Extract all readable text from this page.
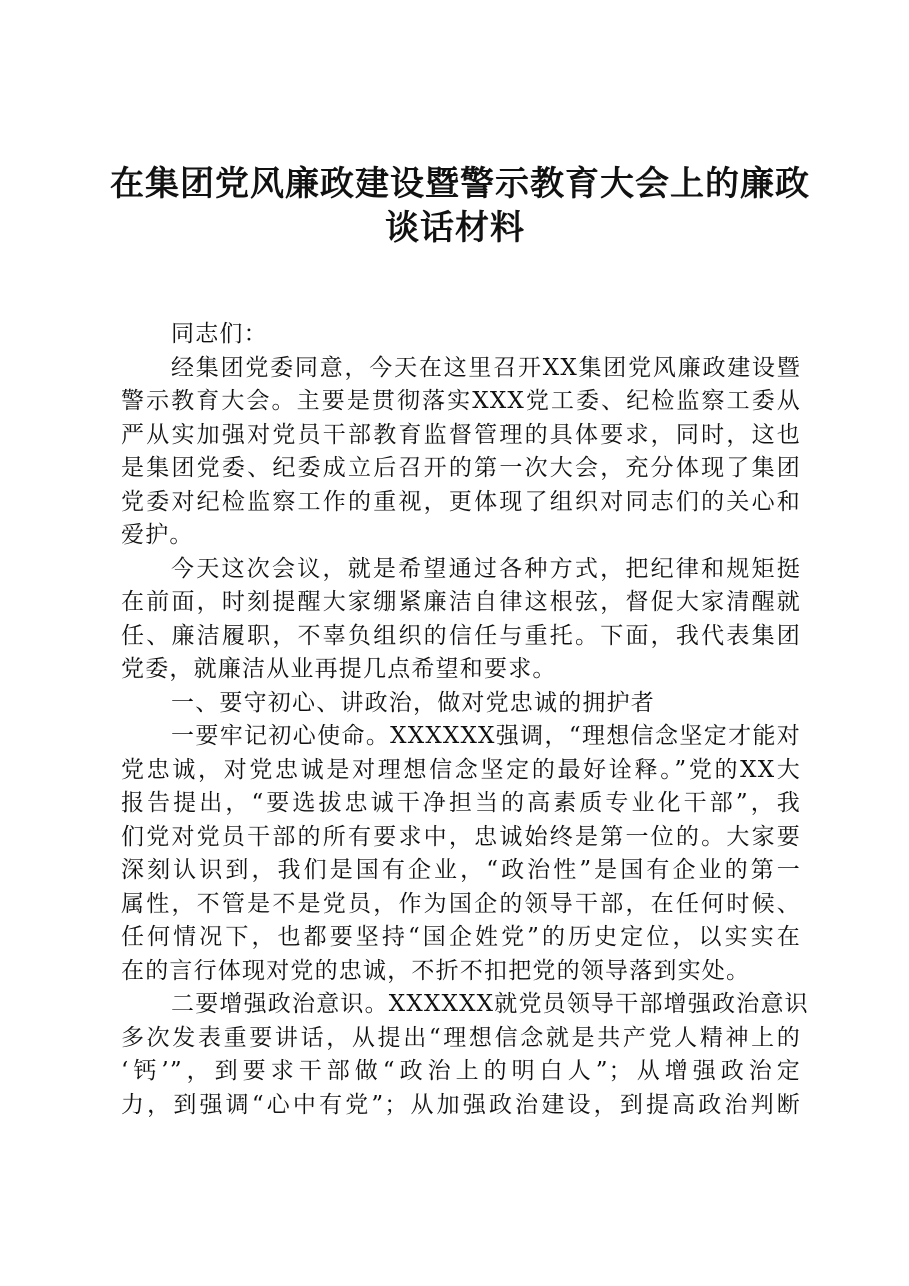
在集团党风廉政建设暨警示教育大会上的廉政
谈话材料
同志们：
经集团党委同意，今天在这里召开XX集团党风廉政建设暨
警示教育大会。主要是贯彻落实XXX党工委、纪检监察工委从
严从实加强对党员干部教育监督管理的具体要求，同时，这也
是集团党委、纪委成立后召开的第一次大会，充分体现了集团
党委对纪检监察工作的重视，更体现了组织对同志们的关心和
爱护。
今天这次会议，就是希望通过各种方式，把纪律和规矩挺
在前面，时刻提醒大家绷紧廉洁自律这根弦，督促大家清醒就
任、廉洁履职，不辜负组织的信任与重托。下面，我代表集团
党委，就廉洁从业再提几点希望和要求。
一、要守初心、讲政治，做对党忠诚的拥护者
一要牢记初心使命。XXXXXX强调，“理想信念坚定才能对
党忠诚，对党忠诚是对理想信念坚定的最好诠释。”党的XX大
报告提出，“要选拔忠诚干净担当的高素质专业化干部”，我
们党对党员干部的所有要求中，忠诚始终是第一位的。大家要
深刻认识到，我们是国有企业，“政治性”是国有企业的第一
属性，不管是不是党员，作为国企的领导干部，在任何时候、
任何情况下，也都要坚持“国企姓党”的历史定位，以实实在
在的言行体现对党的忠诚，不折不扣把党的领导落到实处。
二要增强政治意识。XXXXXX就党员领导干部增强政治意识
多次发表重要讲话，从提出“理想信念就是共产党人精神上的
‘钙’”，到要求干部做“政治上的明白人”；从增强政治定
力，到强调“心中有党”；从加强政治建设，到提高政治判断
